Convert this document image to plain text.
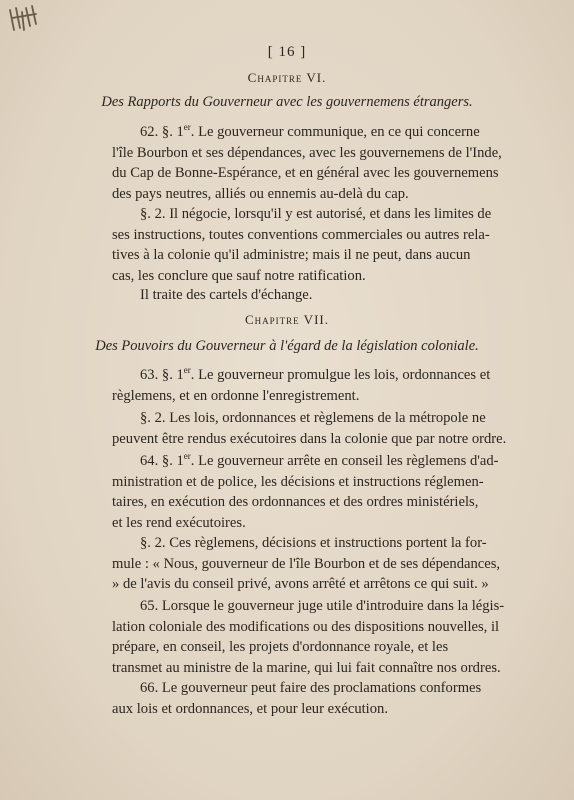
[ 16 ]
Chapitre VI.
Des Rapports du Gouverneur avec les gouvernemens étrangers.
62. §. 1er. Le gouverneur communique, en ce qui concerne
l'île Bourbon et ses dépendances, avec les gouvernemens de l'Inde,
du Cap de Bonne-Espérance, et en général avec les gouvernemens
des pays neutres, alliés ou ennemis au-delà du cap.
§. 2. Il négocie, lorsqu'il y est autorisé, et dans les limites de
ses instructions, toutes conventions commerciales ou autres rela-
tives à la colonie qu'il administre; mais il ne peut, dans aucun
cas, les conclure que sauf notre ratification.
Il traite des cartels d'échange.
Chapitre VII.
Des Pouvoirs du Gouverneur à l'égard de la législation coloniale.
63. §. 1er. Le gouverneur promulgue les lois, ordonnances et
règlemens, et en ordonne l'enregistrement.
§. 2. Les lois, ordonnances et règlemens de la métropole ne
peuvent être rendus exécutoires dans la colonie que par notre ordre.
64. §. 1er. Le gouverneur arrête en conseil les règlemens d'ad-
ministration et de police, les décisions et instructions réglemen-
taires, en exécution des ordonnances et des ordres ministériels,
et les rend exécutoires.
§. 2. Ces règlemens, décisions et instructions portent la for-
mule : « Nous, gouverneur de l'île Bourbon et de ses dépendances,
» de l'avis du conseil privé, avons arrêté et arrêtons ce qui suit. »
65. Lorsque le gouverneur juge utile d'introduire dans la légis-
lation coloniale des modifications ou des dispositions nouvelles, il
prépare, en conseil, les projets d'ordonnance royale, et les
transmet au ministre de la marine, qui lui fait connaître nos ordres.
66. Le gouverneur peut faire des proclamations conformes
aux lois et ordonnances, et pour leur exécution.
